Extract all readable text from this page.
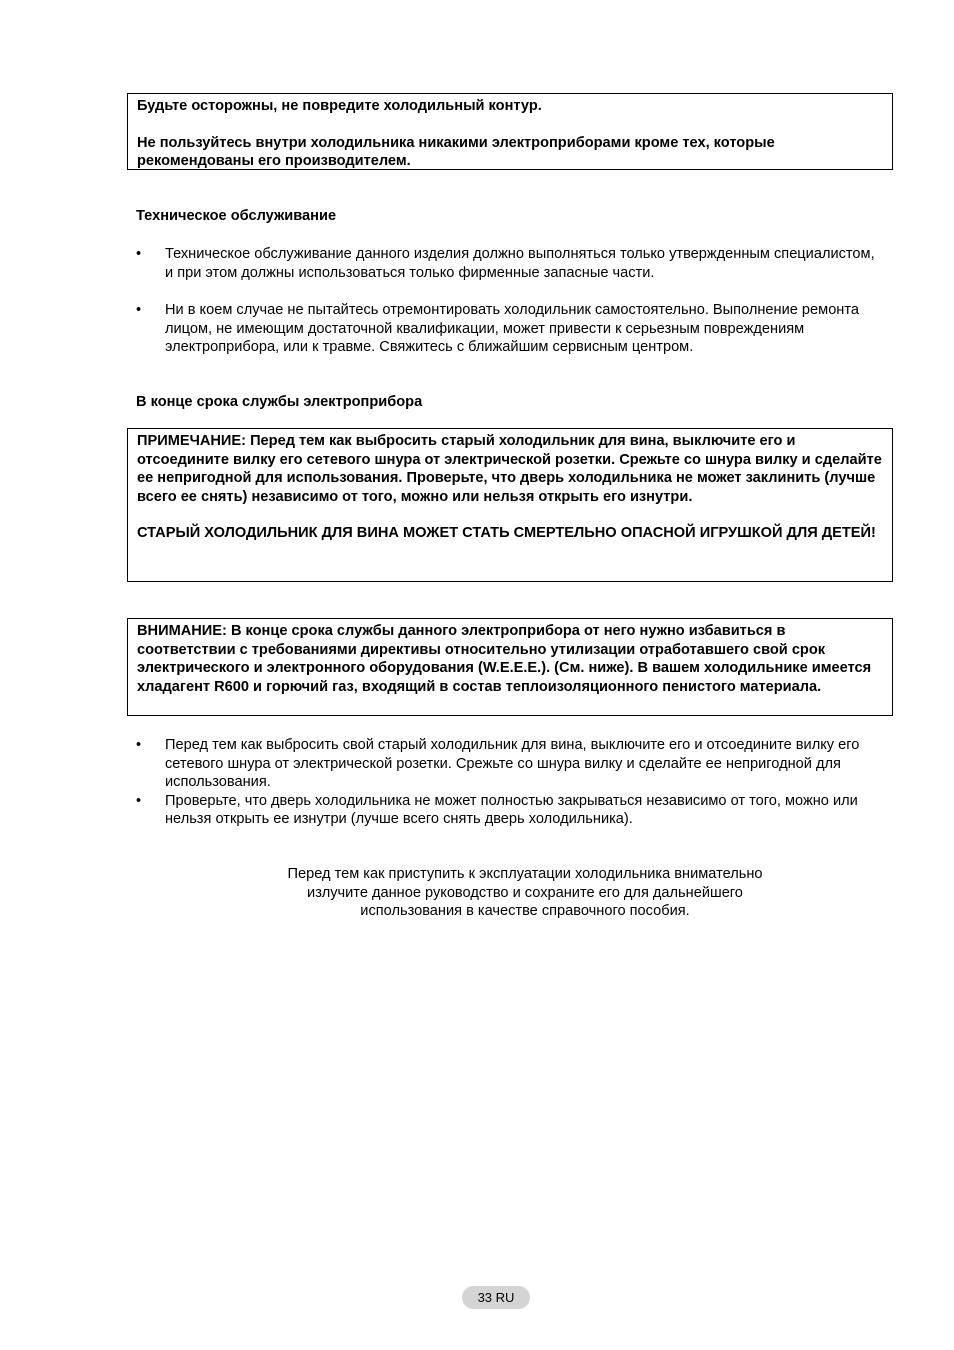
Будьте осторожны, не повредите холодильный контур.

Не пользуйтесь внутри холодильника никакими электроприборами кроме тех, которые рекомендованы его производителем.

Техническое обслуживание

•	Техническое обслуживание данного изделия должно выполняться только утвержденным специалистом, и при этом должны использоваться только фирменные запасные части.
•	Ни в коем случае не пытайтесь отремонтировать холодильник самостоятельно. Выполнение ремонта лицом, не имеющим достаточной квалификации, может привести к серьезным повреждениям электроприбора, или к травме. Свяжитесь с ближайшим сервисным центром.

В конце срока службы электроприбора

ПРИМЕЧАНИЕ: Перед тем как выбросить старый холодильник для вина, выключите его и отсоедините вилку его сетевого шнура от электрической розетки. Срежьте со шнура вилку и сделайте ее непригодной для использования. Проверьте, что дверь холодильника не может заклинить (лучше всего ее снять) независимо от того, можно или нельзя открыть его изнутри.

СТАРЫЙ ХОЛОДИЛЬНИК ДЛЯ ВИНА МОЖЕТ СТАТЬ СМЕРТЕЛЬНО ОПАСНОЙ ИГРУШКОЙ ДЛЯ ДЕТЕЙ!

ВНИМАНИЕ: В конце срока службы данного электроприбора от него нужно избавиться в соответствии с требованиями директивы относительно утилизации отработавшего свой срок электрического и электронного оборудования (W.E.E.E.). (См. ниже). В вашем холодильнике имеется хладагент R600 и горючий газ, входящий в состав теплоизоляционного пенистого материала.

•	Перед тем как выбросить свой старый холодильник для вина, выключите его и отсоедините вилку его сетевого шнура от электрической розетки. Срежьте со шнура вилку и сделайте ее непригодной для использования.
•	Проверьте, что дверь холодильника не может полностью закрываться независимо от того, можно или нельзя открыть ее изнутри (лучше всего снять дверь холодильника).

Перед тем как приступить к эксплуатации холодильника внимательно излучите данное руководство и сохраните его для дальнейшего использования в качестве справочного пособия.

33 RU
